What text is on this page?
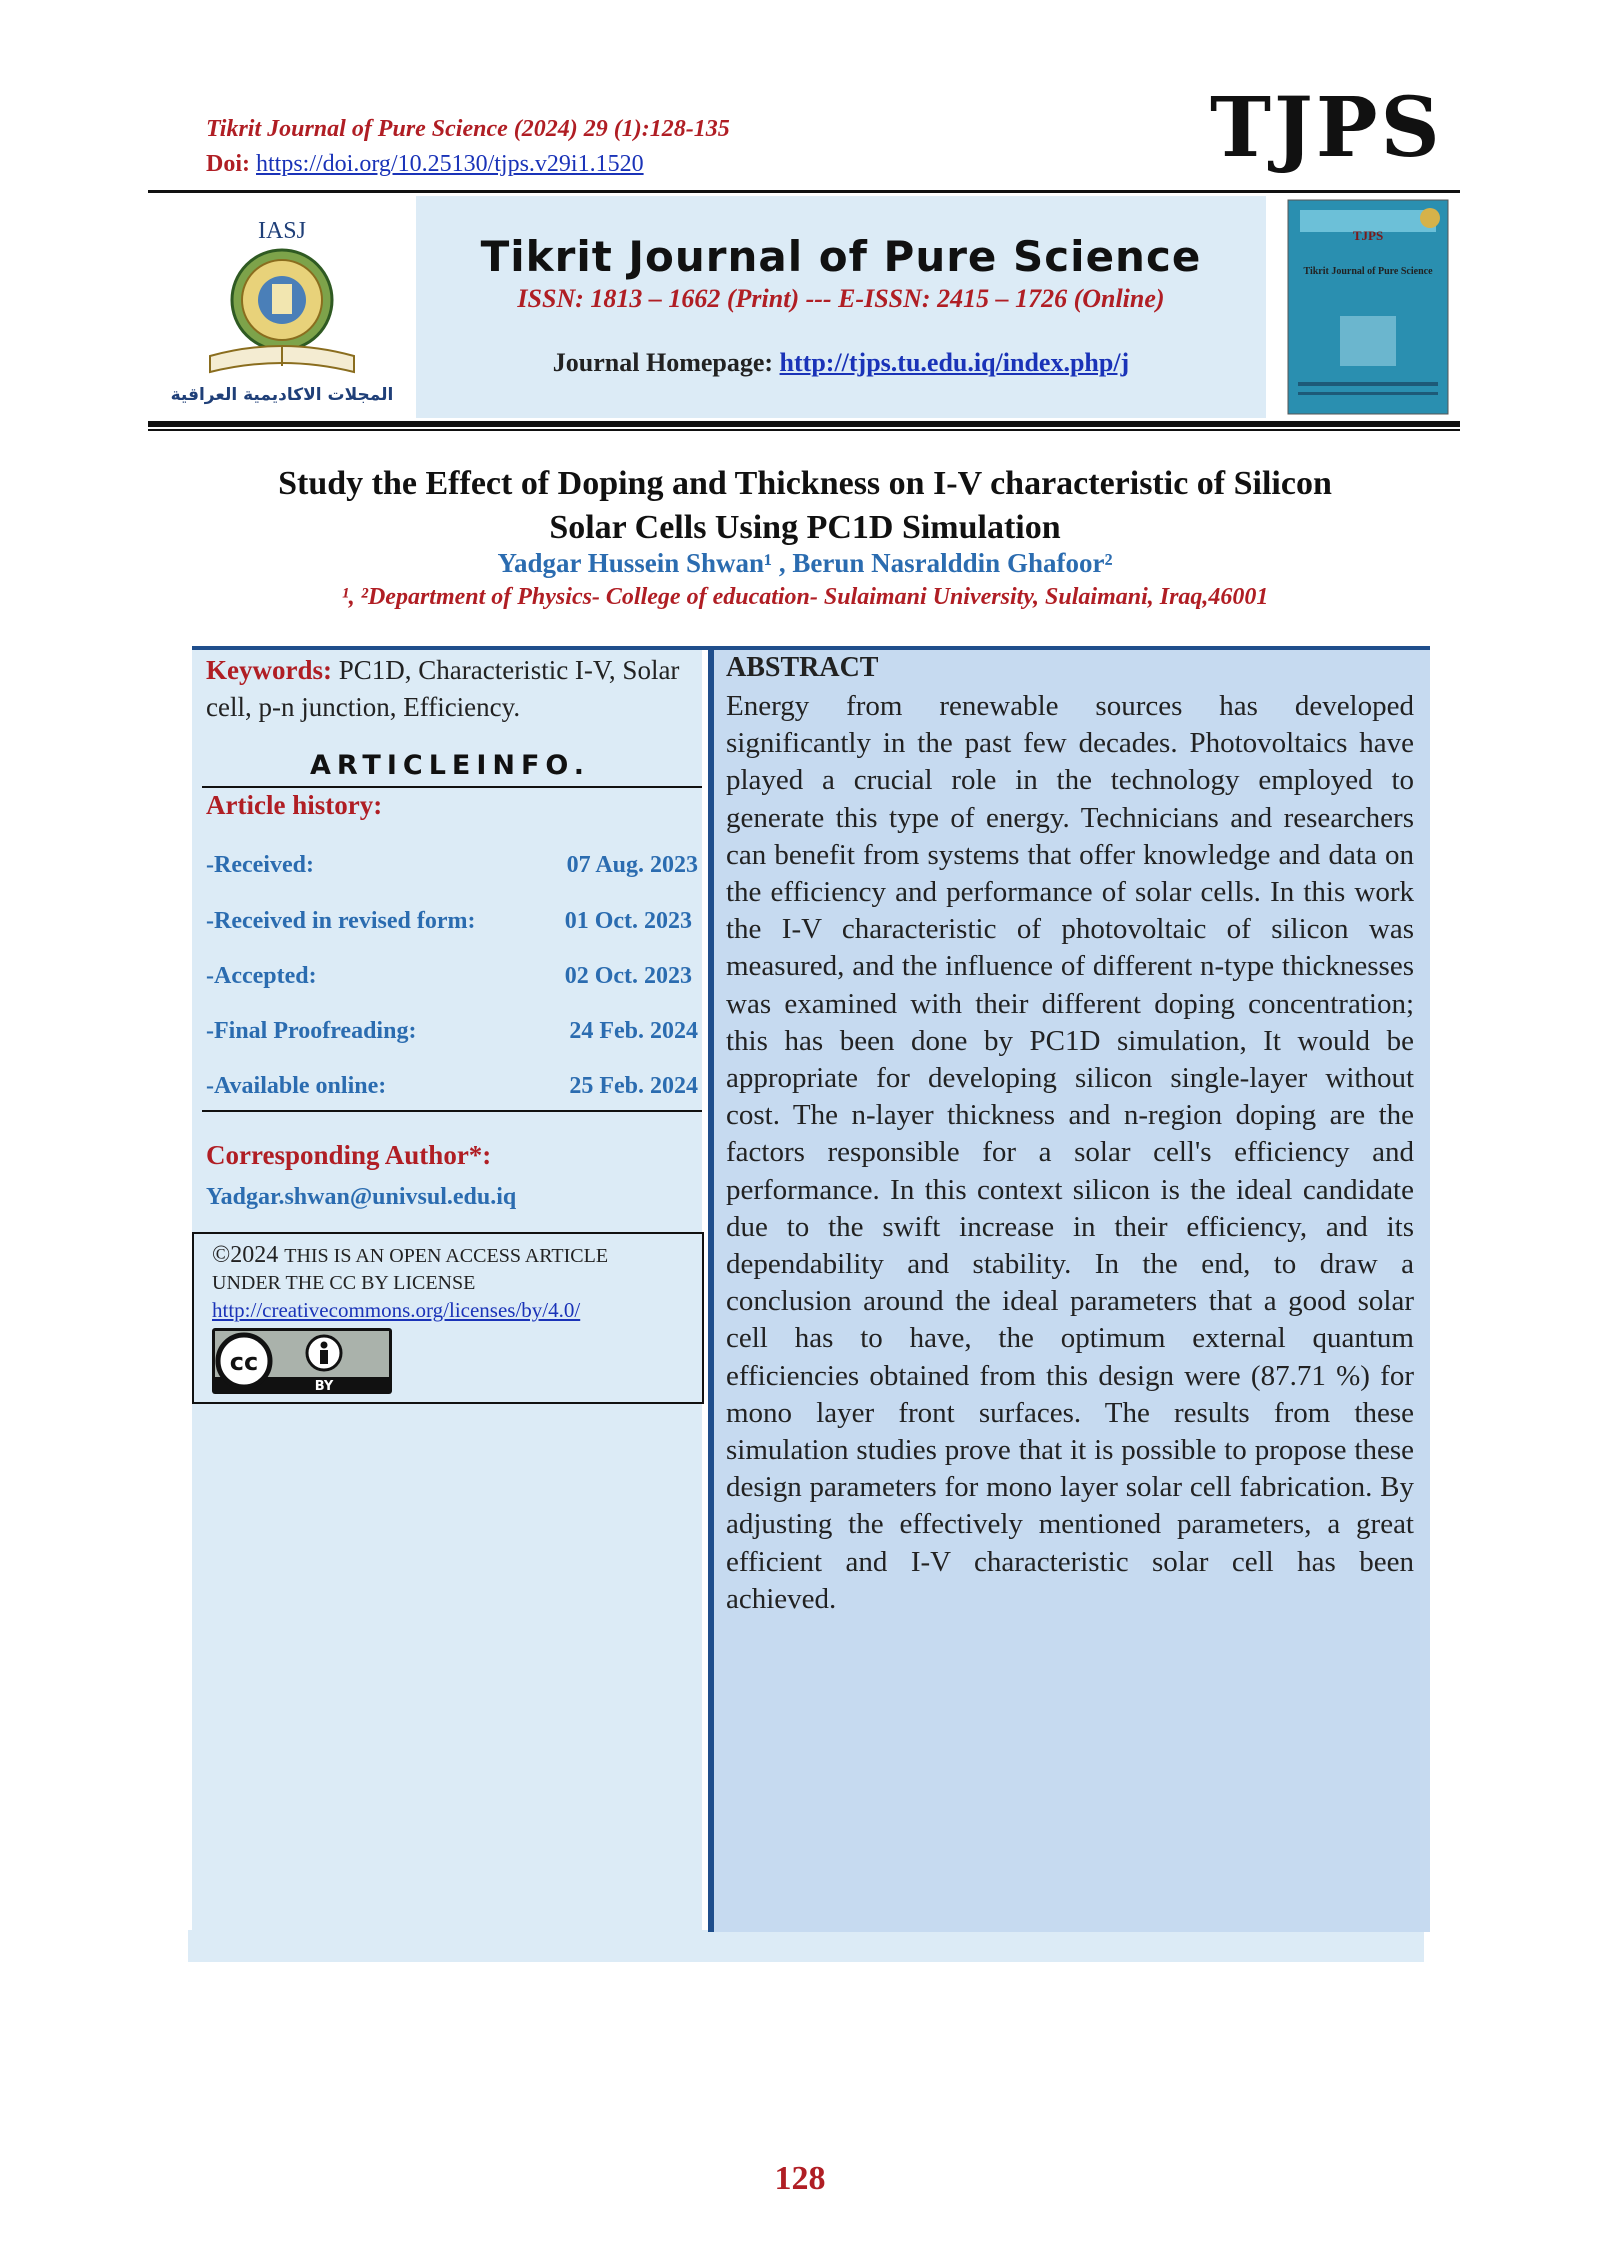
Tikrit Journal of Pure Science (2024) 29 (1):128-135
Doi: https://doi.org/10.25130/tjps.v29i1.1520	TJPS
IASJ
المجلات الاكاديمية العراقية
Tikrit Journal of Pure Science
ISSN: 1813 – 1662 (Print) --- E-ISSN: 2415 – 1726 (Online)
Journal Homepage: http://tjps.tu.edu.iq/index.php/j
TJPS
Tikrit Journal of Pure Science
Study the Effect of Doping and Thickness on I-V characteristic of Silicon
Solar Cells Using PC1D Simulation
Yadgar Hussein Shwan¹ , Berun Nasralddin Ghafoor²
¹, ²Department of Physics- College of education- Sulaimani University, Sulaimani, Iraq,46001
Keywords: PC1D, Characteristic I-V, Solar cell, p-n junction, Efficiency.
ARTICLEINFO.
Article history:
-Received:	07 Aug. 2023
-Received in revised form:	01 Oct. 2023
-Accepted:	02 Oct. 2023
-Final Proofreading:	24 Feb. 2024
-Available online:	25 Feb. 2024
Corresponding Author*:
Yadgar.shwan@univsul.edu.iq
©2024 THIS IS AN OPEN ACCESS ARTICLE
UNDER THE CC BY LICENSE
http://creativecommons.org/licenses/by/4.0/
cc
BY
ABSTRACT
Energy from renewable sources has developed significantly in the past few decades. Photovoltaics have played a crucial role in the technology employed to generate this type of energy. Technicians and researchers can benefit from systems that offer knowledge and data on the efficiency and performance of solar cells. In this work the I-V characteristic of photovoltaic of silicon was measured, and the influence of different n-type thicknesses was examined with their different doping concentration; this has been done by PC1D simulation, It would be appropriate for developing silicon single-layer without cost. The n-layer thickness and n-region doping are the factors responsible for a solar cell's efficiency and performance. In this context silicon is the ideal candidate due to the swift increase in their efficiency, and its dependability and stability. In the end, to draw a conclusion around the ideal parameters that a good solar cell has to have, the optimum external quantum efficiencies obtained from this design were (87.71 %) for mono layer front surfaces. The results from these simulation studies prove that it is possible to propose these design parameters for mono layer solar cell fabrication. By adjusting the effectively mentioned parameters, a great efficient and I-V characteristic solar cell has been achieved.
128
